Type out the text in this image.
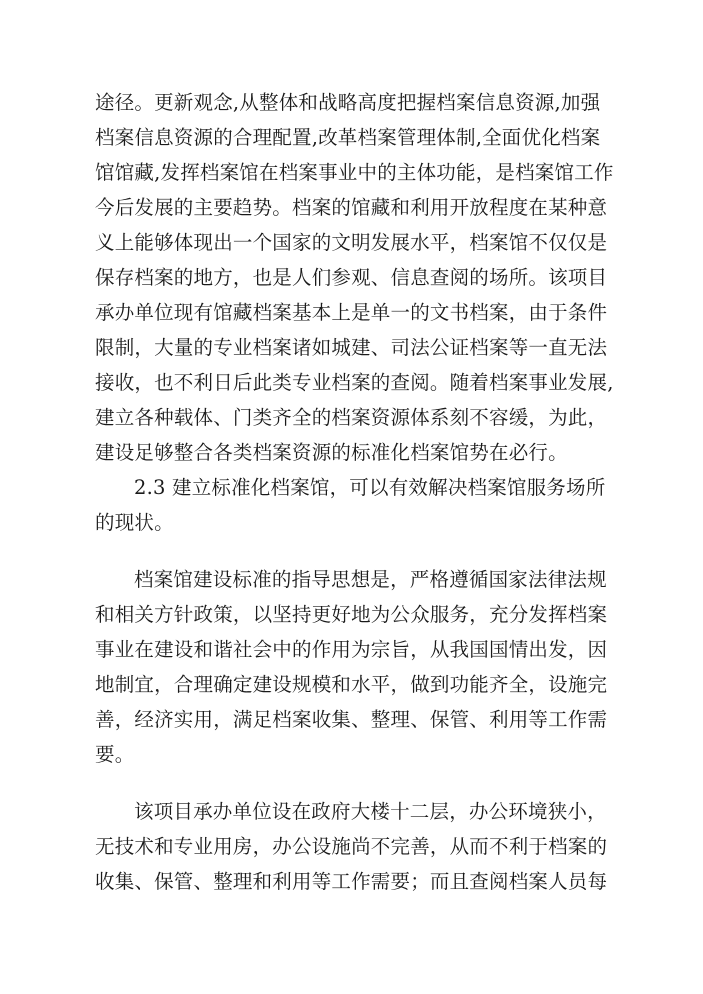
途径。更新观念,从整体和战略高度把握档案信息资源,加强
档案信息资源的合理配置,改革档案管理体制,全面优化档案
馆馆藏,发挥档案馆在档案事业中的主体功能，是档案馆工作
今后发展的主要趋势。档案的馆藏和利用开放程度在某种意
义上能够体现出一个国家的文明发展水平，档案馆不仅仅是
保存档案的地方，也是人们参观、信息查阅的场所。该项目
承办单位现有馆藏档案基本上是单一的文书档案，由于条件
限制，大量的专业档案诸如城建、司法公证档案等一直无法
接收，也不利日后此类专业档案的查阅。随着档案事业发展,
建立各种载体、门类齐全的档案资源体系刻不容缓，为此，
建设足够整合各类档案资源的标准化档案馆势在必行。
2.3 建立标准化档案馆，可以有效解决档案馆服务场所
的现状。
档案馆建设标准的指导思想是，严格遵循国家法律法规
和相关方针政策，以坚持更好地为公众服务，充分发挥档案
事业在建设和谐社会中的作用为宗旨，从我国国情出发，因
地制宜，合理确定建设规模和水平，做到功能齐全，设施完
善，经济实用，满足档案收集、整理、保管、利用等工作需
要。
该项目承办单位设在政府大楼十二层，办公环境狭小，
无技术和专业用房，办公设施尚不完善，从而不利于档案的
收集、保管、整理和利用等工作需要；而且查阅档案人员每
